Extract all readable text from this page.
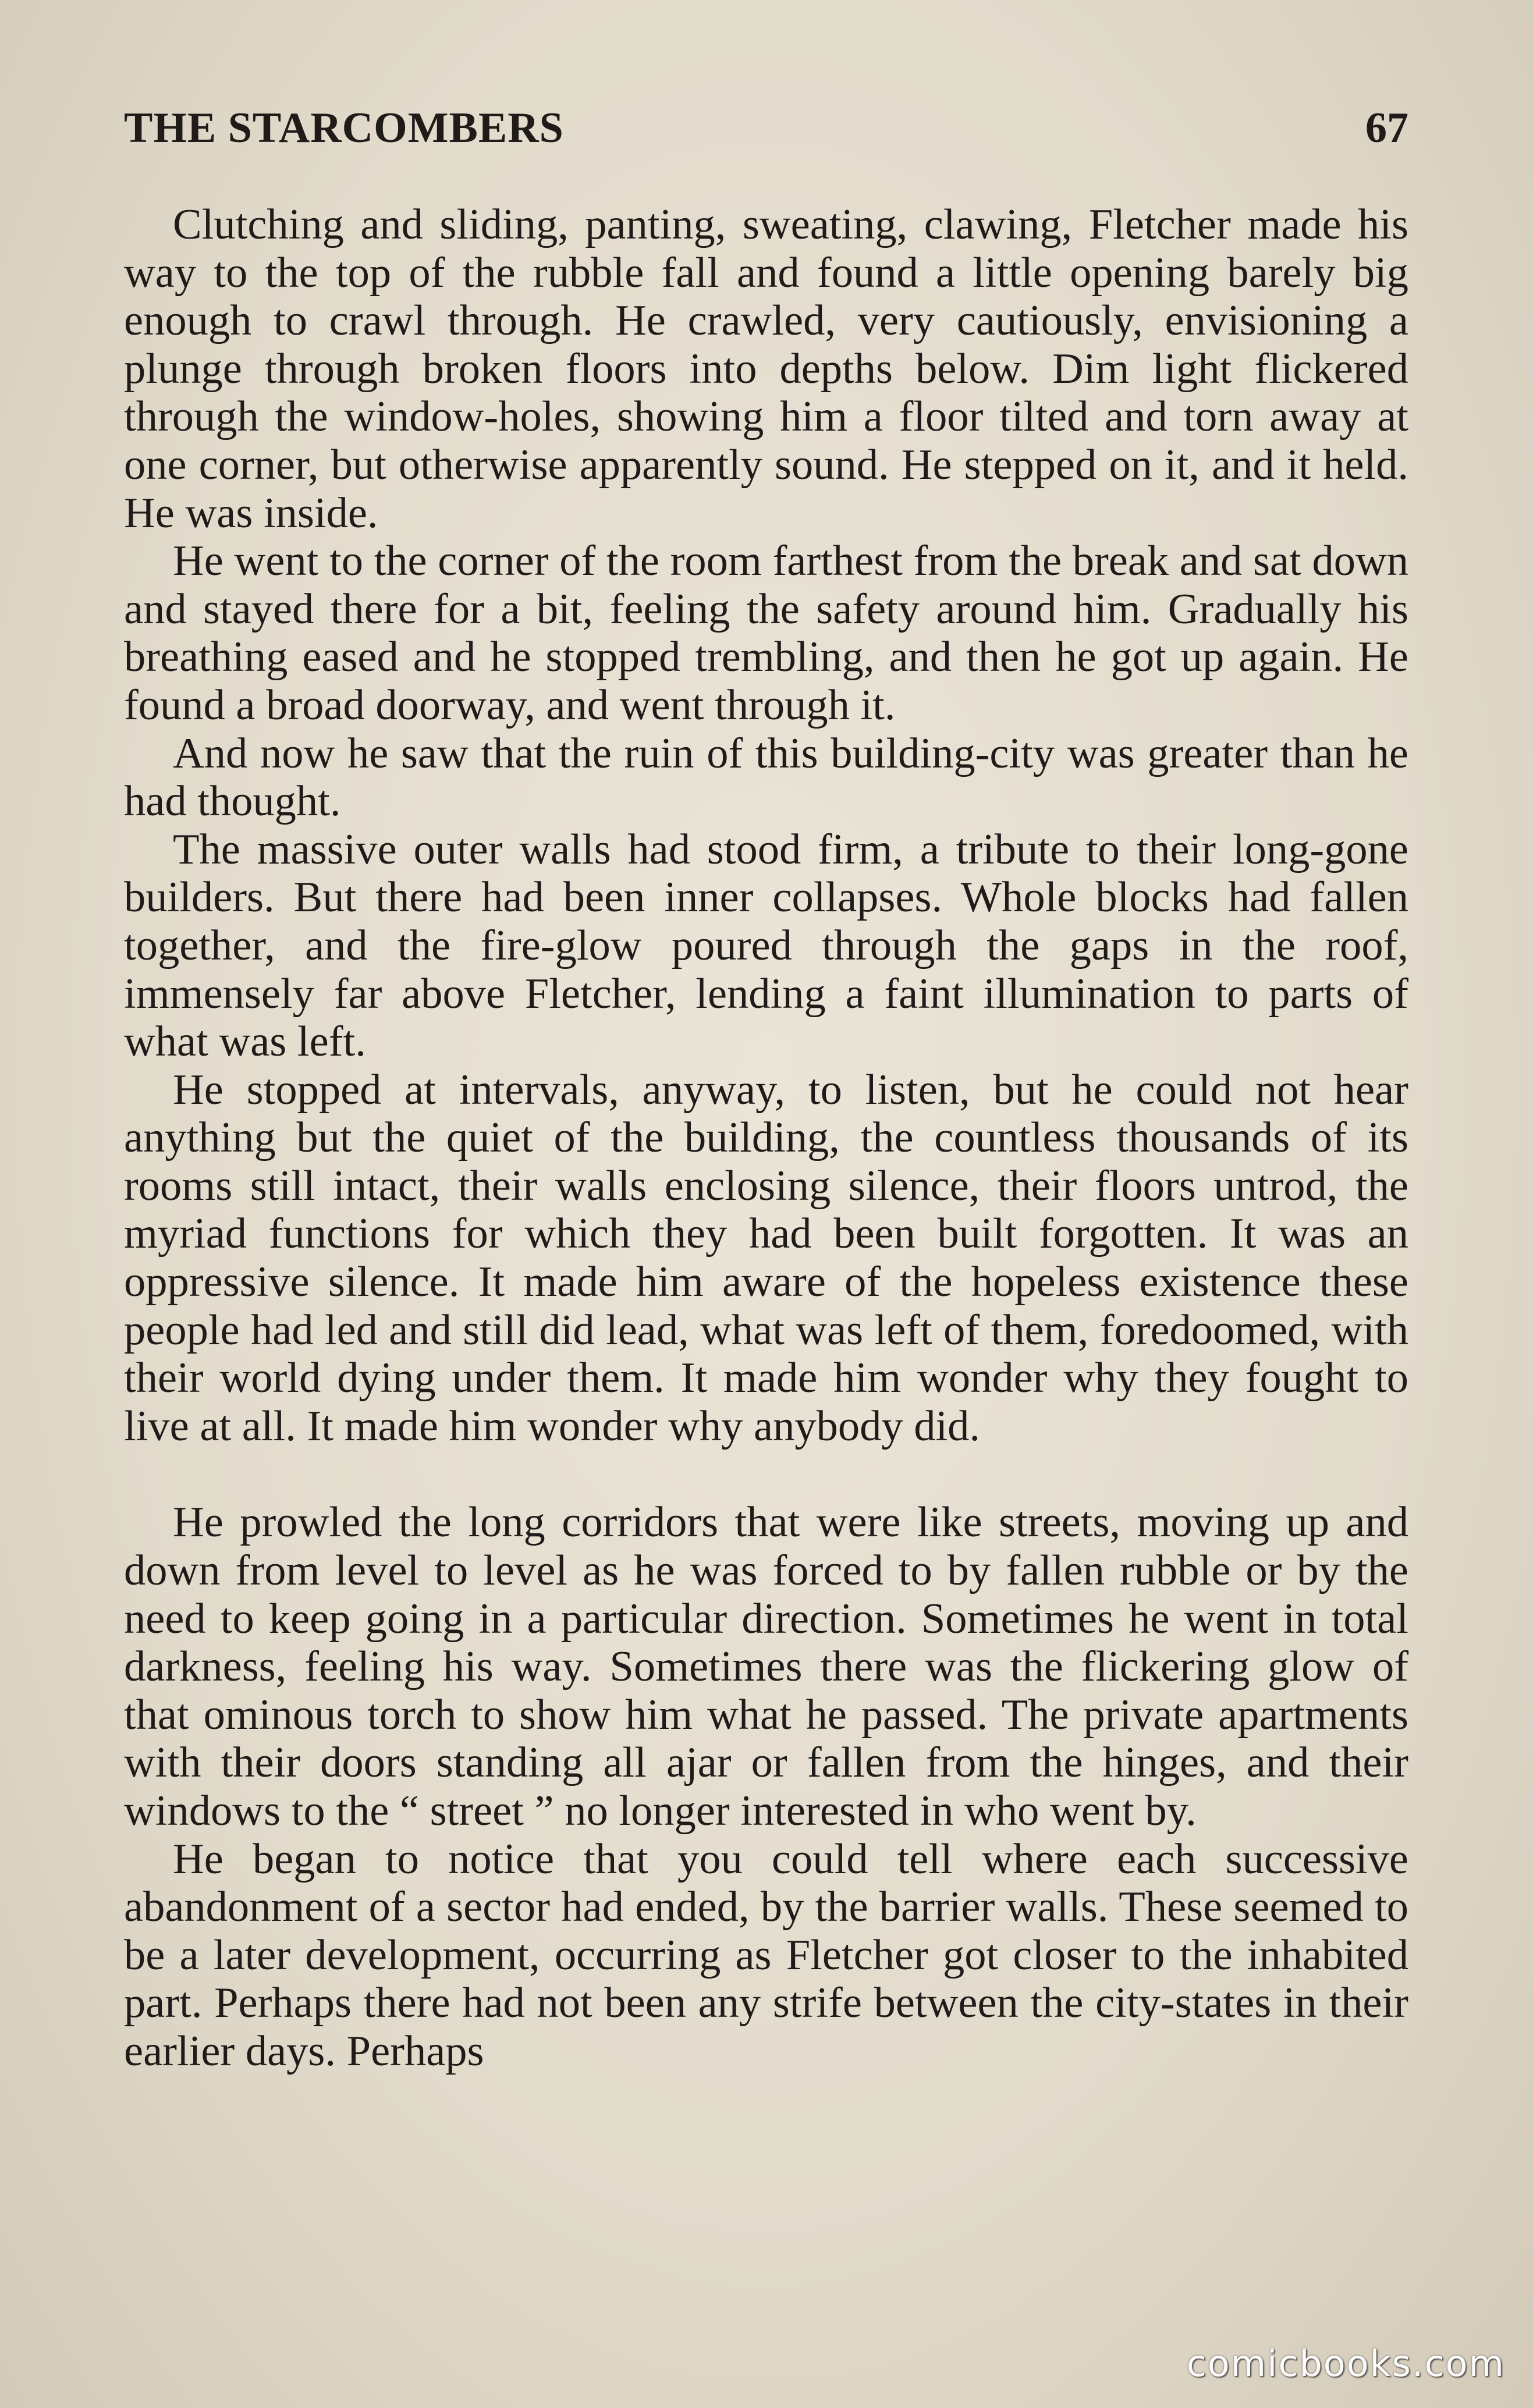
THE STARCOMBERS	67

Clutching and sliding, panting, sweating, clawing, Fletcher made his way to the top of the rubble fall and found a little opening barely big enough to crawl through. He crawled, very cautiously, envisioning a plunge through broken floors into depths below. Dim light flickered through the window-holes, showing him a floor tilted and torn away at one corner, but otherwise apparently sound. He stepped on it, and it held. He was inside.

He went to the corner of the room farthest from the break and sat down and stayed there for a bit, feeling the safety around him. Gradually his breathing eased and he stopped trembling, and then he got up again. He found a broad doorway, and went through it.

And now he saw that the ruin of this building-city was greater than he had thought.

The massive outer walls had stood firm, a tribute to their long-gone builders. But there had been inner collapses. Whole blocks had fallen together, and the fire-glow poured through the gaps in the roof, immensely far above Fletcher, lending a faint illumination to parts of what was left.

He stopped at intervals, anyway, to listen, but he could not hear anything but the quiet of the building, the countless thousands of its rooms still intact, their walls enclosing silence, their floors untrod, the myriad functions for which they had been built forgotten. It was an oppressive silence. It made him aware of the hopeless existence these people had led and still did lead, what was left of them, foredoomed, with their world dying under them. It made him wonder why they fought to live at all. It made him wonder why anybody did.

He prowled the long corridors that were like streets, moving up and down from level to level as he was forced to by fallen rubble or by the need to keep going in a particular direction. Sometimes he went in total darkness, feeling his way. Sometimes there was the flickering glow of that ominous torch to show him what he passed. The private apartments with their doors standing all ajar or fallen from the hinges, and their windows to the “ street ” no longer interested in who went by.

He began to notice that you could tell where each successive abandonment of a sector had ended, by the barrier walls. These seemed to be a later development, occurring as Fletcher got closer to the inhabited part. Perhaps there had not been any strife between the city-states in their earlier days. Perhaps

comicbooks.com
